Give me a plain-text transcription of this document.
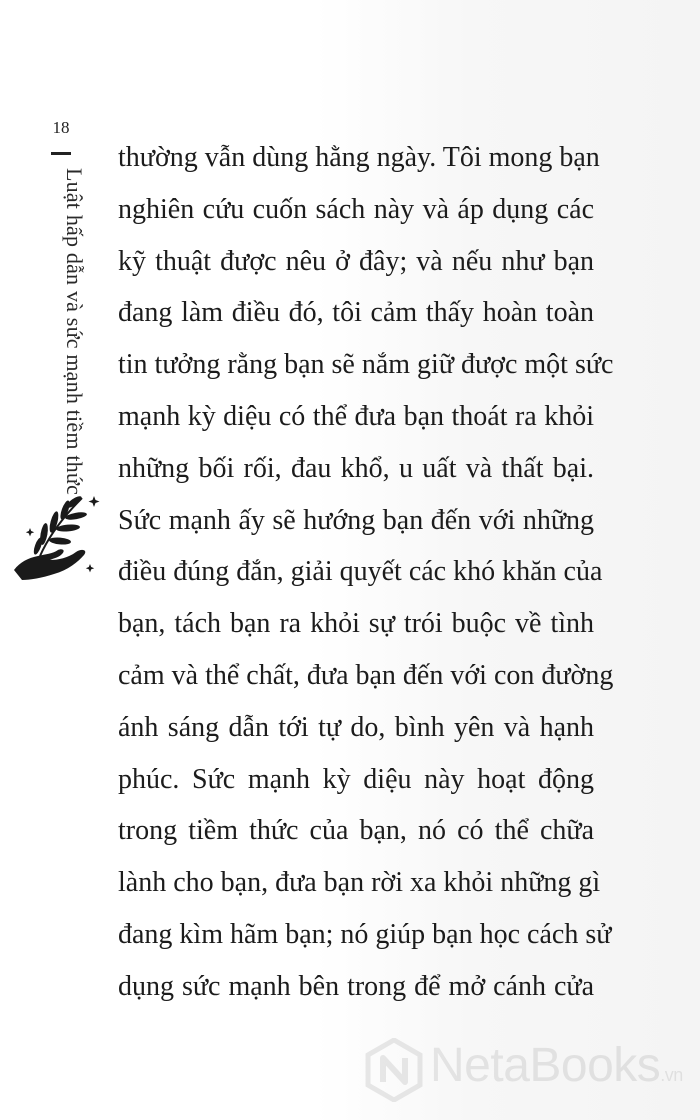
18
Luật hấp dẫn và sức mạnh tiềm thức
thường vẫn dùng hằng ngày. Tôi mong bạn
nghiên cứu cuốn sách này và áp dụng các
kỹ thuật được nêu ở đây; và nếu như bạn
đang làm điều đó, tôi cảm thấy hoàn toàn
tin tưởng rằng bạn sẽ nắm giữ được một sức
mạnh kỳ diệu có thể đưa bạn thoát ra khỏi
những bối rối, đau khổ, u uất và thất bại.
Sức mạnh ấy sẽ hướng bạn đến với những
điều đúng đắn, giải quyết các khó khăn của
bạn, tách bạn ra khỏi sự trói buộc về tình
cảm và thể chất, đưa bạn đến với con đường
ánh sáng dẫn tới tự do, bình yên và hạnh
phúc. Sức mạnh kỳ diệu này hoạt động
trong tiềm thức của bạn, nó có thể chữa
lành cho bạn, đưa bạn rời xa khỏi những gì
đang kìm hãm bạn; nó giúp bạn học cách sử
dụng sức mạnh bên trong để mở cánh cửa
NetaBooks.vn
